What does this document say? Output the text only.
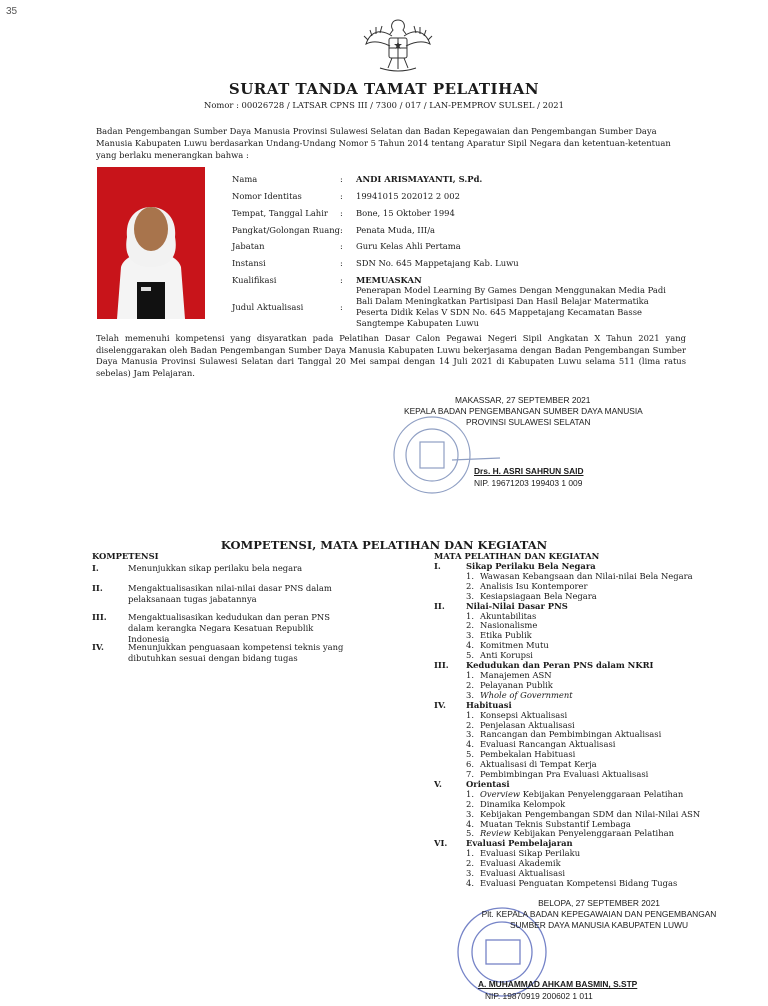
35
SURAT TANDA TAMAT PELATIHAN
Nomor : 00026728 / LATSAR CPNS III / 7300 / 017 / LAN-PEMPROV SULSEL / 2021
Badan Pengembangan Sumber Daya Manusia Provinsi Sulawesi Selatan dan Badan Kepegawaian dan Pengembangan Sumber Daya Manusia Kabupaten Luwu berdasarkan Undang-Undang Nomor 5 Tahun 2014 tentang Aparatur Sipil Negara dan ketentuan-ketentuan yang berlaku menerangkan bahwa :
Nama	: ANDI ARISMAYANTI, S.Pd.
Nomor Identitas	: 19941015 202012 2 002
Tempat, Tanggal Lahir : Bone, 15 Oktober 1994
Pangkat/Golongan Ruang : Penata Muda, III/a
Jabatan	: Guru Kelas Ahli Pertama
Instansi	: SDN No. 645 Mappetajang Kab. Luwu
Kualifikasi	: MEMUASKAN
Judul Aktualisasi	:
Penerapan Model Learning By Games Dengan Menggunakan Media Padi Bali Dalam Meningkatkan Partisipasi Dan Hasil Belajar Matermatika Peserta Didik Kelas V SDN No. 645 Mappetajang Kecamatan Basse Sangtempe Kabupaten Luwu
Telah memenuhi kompetensi yang disyaratkan pada Pelatihan Dasar Calon Pegawai Negeri Sipil Angkatan X Tahun 2021 yang diselenggarakan oleh Badan Pengembangan Sumber Daya Manusia Kabupaten Luwu bekerjasama dengan Badan Pengembangan Sumber Daya Manusia Provinsi Sulawesi Selatan dari Tanggal 20 Mei sampai dengan 14 Juli 2021 di Kabupaten Luwu selama 511 (lima ratus sebelas) Jam Pelajaran.
MAKASSAR, 27 SEPTEMBER 2021
KEPALA BADAN PENGEMBANGAN SUMBER DAYA MANUSIA
PROVINSI SULAWESI SELATAN
Drs. H. ASRI SAHRUN SAID
NIP. 19671203 199403 1 009
KOMPETENSI, MATA PELATIHAN DAN KEGIATAN
KOMPETENSI
I.	Menunjukkan sikap perilaku bela negara
II.	Mengaktualisasikan nilai-nilai dasar PNS dalam pelaksanaan tugas jabatannya
III.	Mengaktualisasikan kedudukan dan peran PNS dalam kerangka Negara Kesatuan Republik Indonesia
IV.	Menunjukkan penguasaan kompetensi teknis yang dibutuhkan sesuai dengan bidang tugas
MATA PELATIHAN DAN KEGIATAN
I.	Sikap Perilaku Bela Negara
1. Wawasan Kebangsaan dan Nilai-nilai Bela Negara
2. Analisis Isu Kontemporer
3. Kesiapsiagaan Bela Negara
II.	Nilai-Nilai Dasar PNS
1. Akuntabilitas
2. Nasionalisme
3. Etika Publik
4. Komitmen Mutu
5. Anti Korupsi
III. Kedudukan dan Peran PNS dalam NKRI
1. Manajemen ASN
2. Pelayanan Publik
3. Whole of Government
IV. Habituasi
1. Konsepsi Aktualisasi
2. Penjelasan Aktualisasi
3. Rancangan dan Pembimbingan Aktualisasi
4. Evaluasi Rancangan Aktualisasi
5. Pembekalan Habituasi
6. Aktualisasi di Tempat Kerja
7. Pembimbingan Pra Evaluasi Aktualisasi
V.	Orientasi
1. Overview Kebijakan Penyelenggaraan Pelatihan
2. Dinamika Kelompok
3. Kebijakan Pengembangan SDM dan Nilai-Nilai ASN
4. Muatan Teknis Substantif Lembaga
5. Review Kebijakan Penyelenggaraan Pelatihan
VI. Evaluasi Pembelajaran
1. Evaluasi Sikap Perilaku
2. Evaluasi Akademik
3. Evaluasi Aktualisasi
4. Evaluasi Penguatan Kompetensi Bidang Tugas
BELOPA, 27 SEPTEMBER 2021
Plt. KEPALA BADAN KEPEGAWAIAN DAN PENGEMBANGAN
SUMBER DAYA MANUSIA KABUPATEN LUWU
A. MUHAMMAD AHKAM BASMIN, S.STP
NIP. 19870919 200602 1 011
